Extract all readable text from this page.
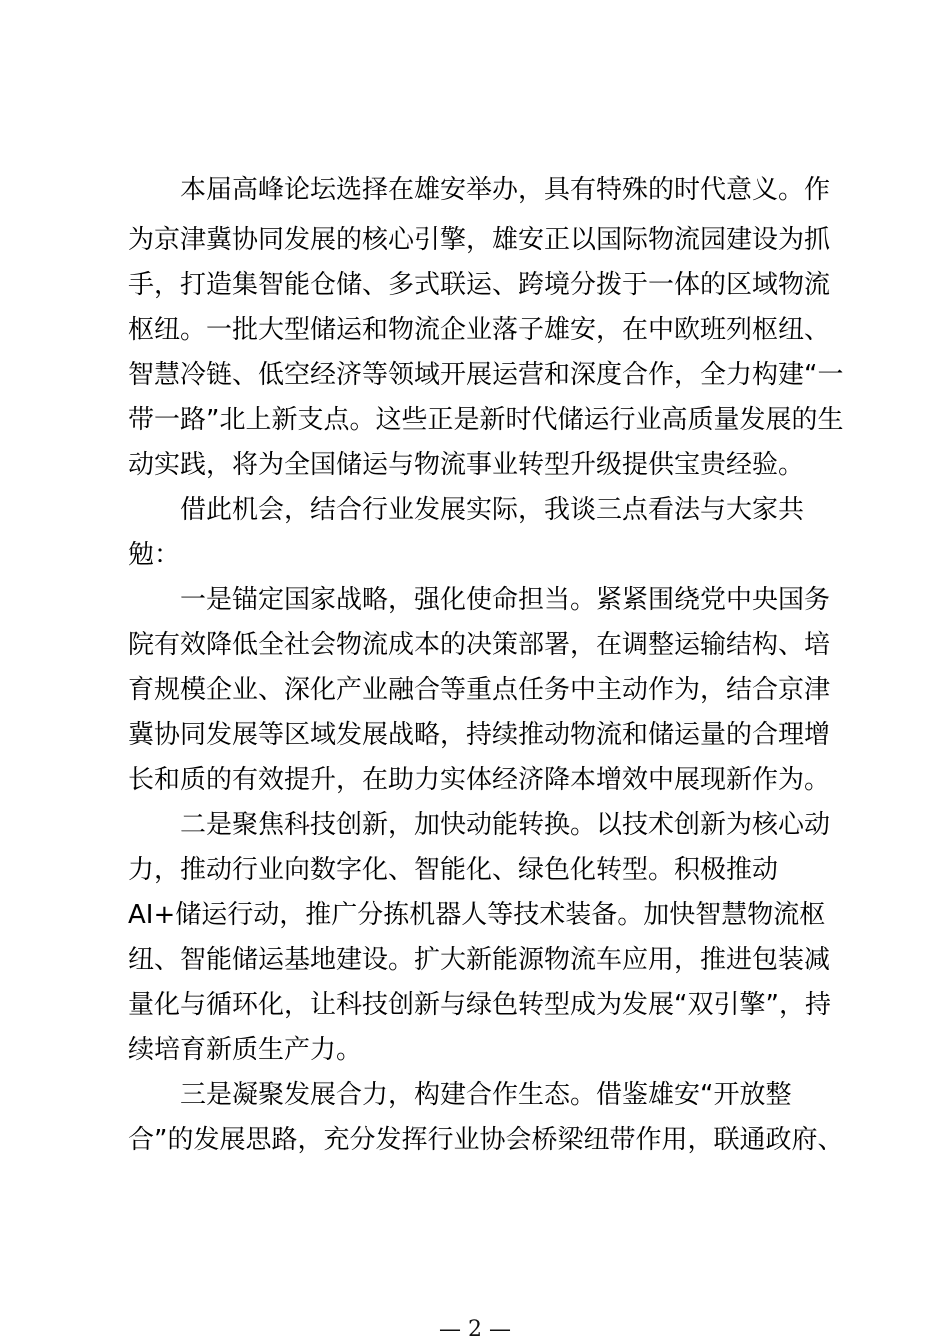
本届高峰论坛选择在雄安举办，具有特殊的时代意义。作
为京津冀协同发展的核心引擎，雄安正以国际物流园建设为抓
手，打造集智能仓储、多式联运、跨境分拨于一体的区域物流
枢纽。一批大型储运和物流企业落子雄安，在中欧班列枢纽、
智慧冷链、低空经济等领域开展运营和深度合作，全力构建“一
带一路”北上新支点。这些正是新时代储运行业高质量发展的生
动实践，将为全国储运与物流事业转型升级提供宝贵经验。
借此机会，结合行业发展实际，我谈三点看法与大家共
勉：
一是锚定国家战略，强化使命担当。紧紧围绕党中央国务
院有效降低全社会物流成本的决策部署，在调整运输结构、培
育规模企业、深化产业融合等重点任务中主动作为，结合京津
冀协同发展等区域发展战略，持续推动物流和储运量的合理增
长和质的有效提升，在助力实体经济降本增效中展现新作为。
二是聚焦科技创新，加快动能转换。以技术创新为核心动
力，推动行业向数字化、智能化、绿色化转型。积极推动
AI+储运行动，推广分拣机器人等技术装备。加快智慧物流枢
纽、智能储运基地建设。扩大新能源物流车应用，推进包装减
量化与循环化，让科技创新与绿色转型成为发展“双引擎”，持
续培育新质生产力。
三是凝聚发展合力，构建合作生态。借鉴雄安“开放整
合”的发展思路，充分发挥行业协会桥梁纽带作用，联通政府、
— 2 —
